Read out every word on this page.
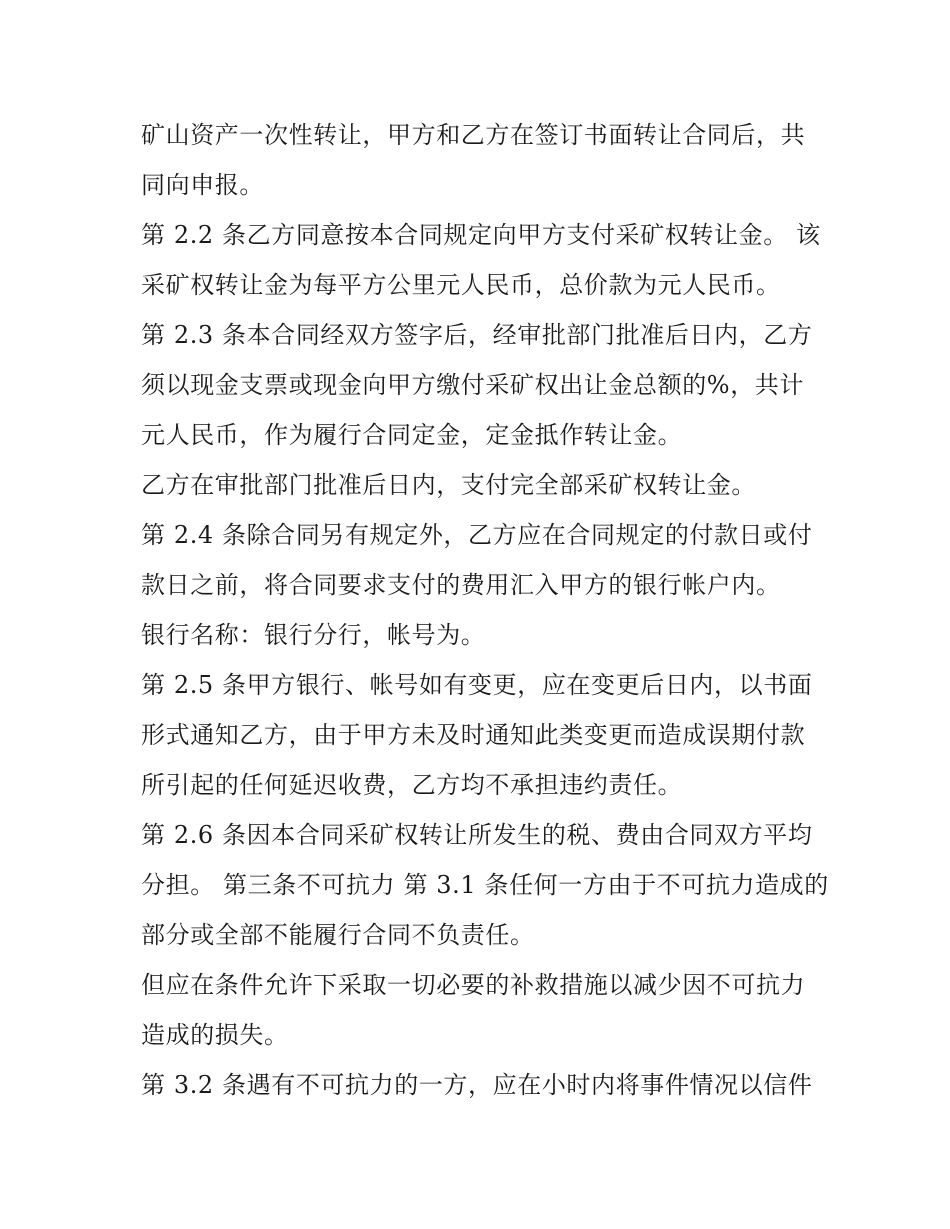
矿山资产一次性转让，甲方和乙方在签订书面转让合同后，共
同向申报。
第 2.2 条乙方同意按本合同规定向甲方支付采矿权转让金。 该
采矿权转让金为每平方公里元人民币，总价款为元人民币。
第 2.3 条本合同经双方签字后，经审批部门批准后日内，乙方
须以现金支票或现金向甲方缴付采矿权出让金总额的%，共计
元人民币，作为履行合同定金，定金抵作转让金。
乙方在审批部门批准后日内，支付完全部采矿权转让金。
第 2.4 条除合同另有规定外，乙方应在合同规定的付款日或付
款日之前，将合同要求支付的费用汇入甲方的银行帐户内。
银行名称：银行分行，帐号为。
第 2.5 条甲方银行、帐号如有变更，应在变更后日内，以书面
形式通知乙方，由于甲方未及时通知此类变更而造成误期付款
所引起的任何延迟收费，乙方均不承担违约责任。
第 2.6 条因本合同采矿权转让所发生的税、费由合同双方平均
分担。 第三条不可抗力 第 3.1 条任何一方由于不可抗力造成的
部分或全部不能履行合同不负责任。
但应在条件允许下采取一切必要的补救措施以减少因不可抗力
造成的损失。
第 3.2 条遇有不可抗力的一方，应在小时内将事件情况以信件
